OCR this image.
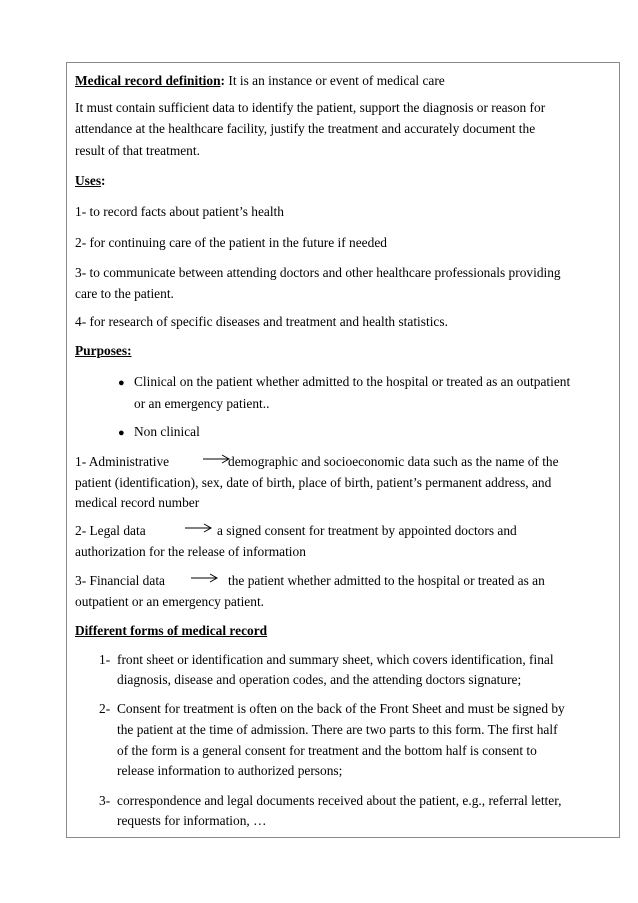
Medical record definition: It is an instance or event of medical care
It must contain sufficient data to identify the patient, support the diagnosis or reason for
attendance at the healthcare facility, justify the treatment and accurately document the
result of that treatment.
Uses:
1- to record facts about patient’s health
2- for continuing care of the patient in the future if needed
3- to communicate between attending doctors and other healthcare professionals providing
care to the patient.
4- for research of specific diseases and treatment and health statistics.
Purposes:
● Clinical on the patient whether admitted to the hospital or treated as an outpatient
or an emergency patient..
● Non clinical
1- Administrative	demographic and socioeconomic data such as the name of the
patient (identification), sex, date of birth, place of birth, patient’s permanent address, and
medical record number
2- Legal data	a signed consent for treatment by appointed doctors and
authorization for the release of information
3- Financial data	the patient whether admitted to the hospital or treated as an
outpatient or an emergency patient.
Different forms of medical record
1- front sheet or identification and summary sheet, which covers identification, final
diagnosis, disease and operation codes, and the attending doctors signature;
2- Consent for treatment is often on the back of the Front Sheet and must be signed by
the patient at the time of admission. There are two parts to this form. The first half
of the form is a general consent for treatment and the bottom half is consent to
release information to authorized persons;
3- correspondence and legal documents received about the patient, e.g., referral letter,
requests for information, …
